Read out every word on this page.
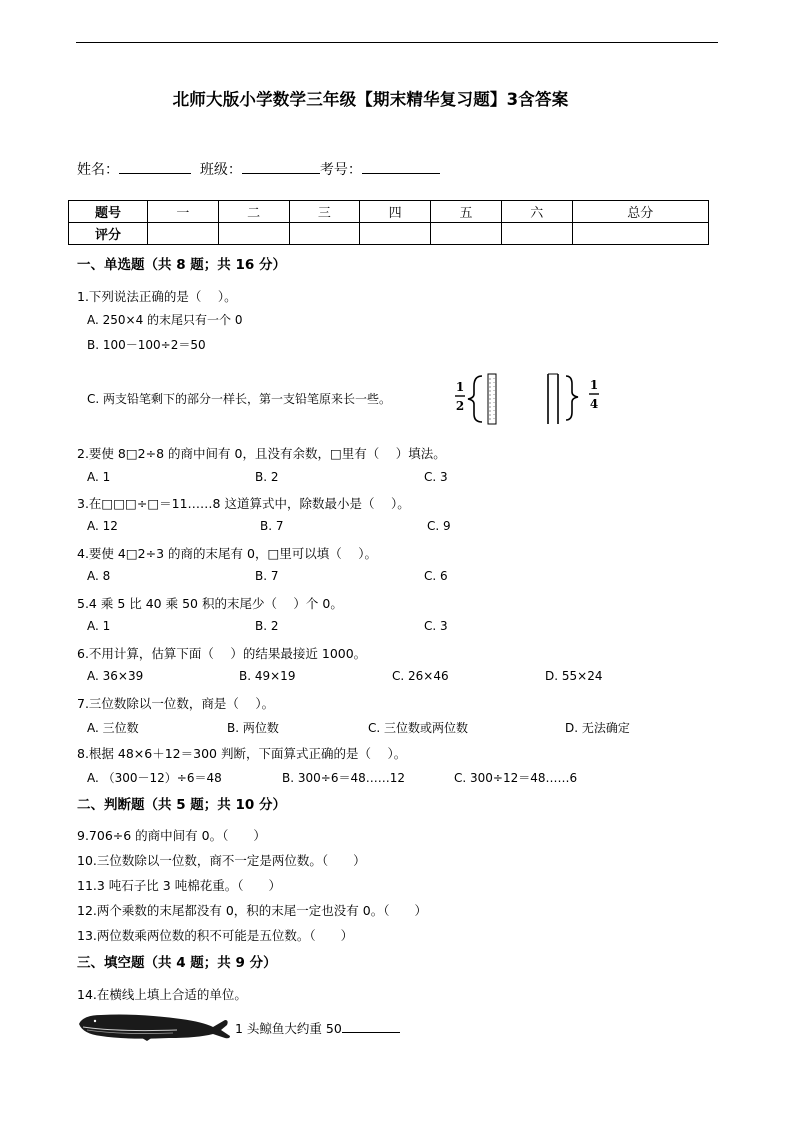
北师大版小学数学三年级【期末精华复习题】3含答案
姓名：	班级：	考号：
题号	一	二	三	四	五	六	总分
评分							
一、单选题（共 8 题；共 16 分）
1.下列说法正确的是（　 ）。
A. 250×4 的末尾只有一个 0
B. 100－100÷2＝50
C. 两支铅笔剩下的部分一样长，第一支铅笔原来长一些。
1
2
1
4
2.要使 8□2÷8 的商中间有 0，且没有余数，□里有（　 ）填法。
A. 1	B. 2	C. 3
3.在□□□÷□＝11……8 这道算式中，除数最小是（　 ）。
A. 12	B. 7	C. 9
4.要使 4□2÷3 的商的末尾有 0，□里可以填（　 ）。
A. 8	B. 7	C. 6
5.4 乘 5 比 40 乘 50 积的末尾少（　 ）个 0。
A. 1	B. 2	C. 3
6.不用计算，估算下面（　 ）的结果最接近 1000。
A. 36×39	B. 49×19	C. 26×46	D. 55×24
7.三位数除以一位数，商是（　 ）。
A. 三位数	B. 两位数	C. 三位数或两位数	D. 无法确定
8.根据 48×6＋12＝300 判断，下面算式正确的是（　 ）。
A. （300－12）÷6＝48	B. 300÷6＝48……12	C. 300÷12＝48……6
二、判断题（共 5 题；共 10 分）
9.706÷6 的商中间有 0。（　　）
10.三位数除以一位数，商不一定是两位数。（　　）
11.3 吨石子比 3 吨棉花重。（　　）
12.两个乘数的末尾都没有 0，积的末尾一定也没有 0。（　　）
13.两位数乘两位数的积不可能是五位数。（　　）
三、填空题（共 4 题；共 9 分）
14.在横线上填上合适的单位。
1 头鲸鱼大约重 50
